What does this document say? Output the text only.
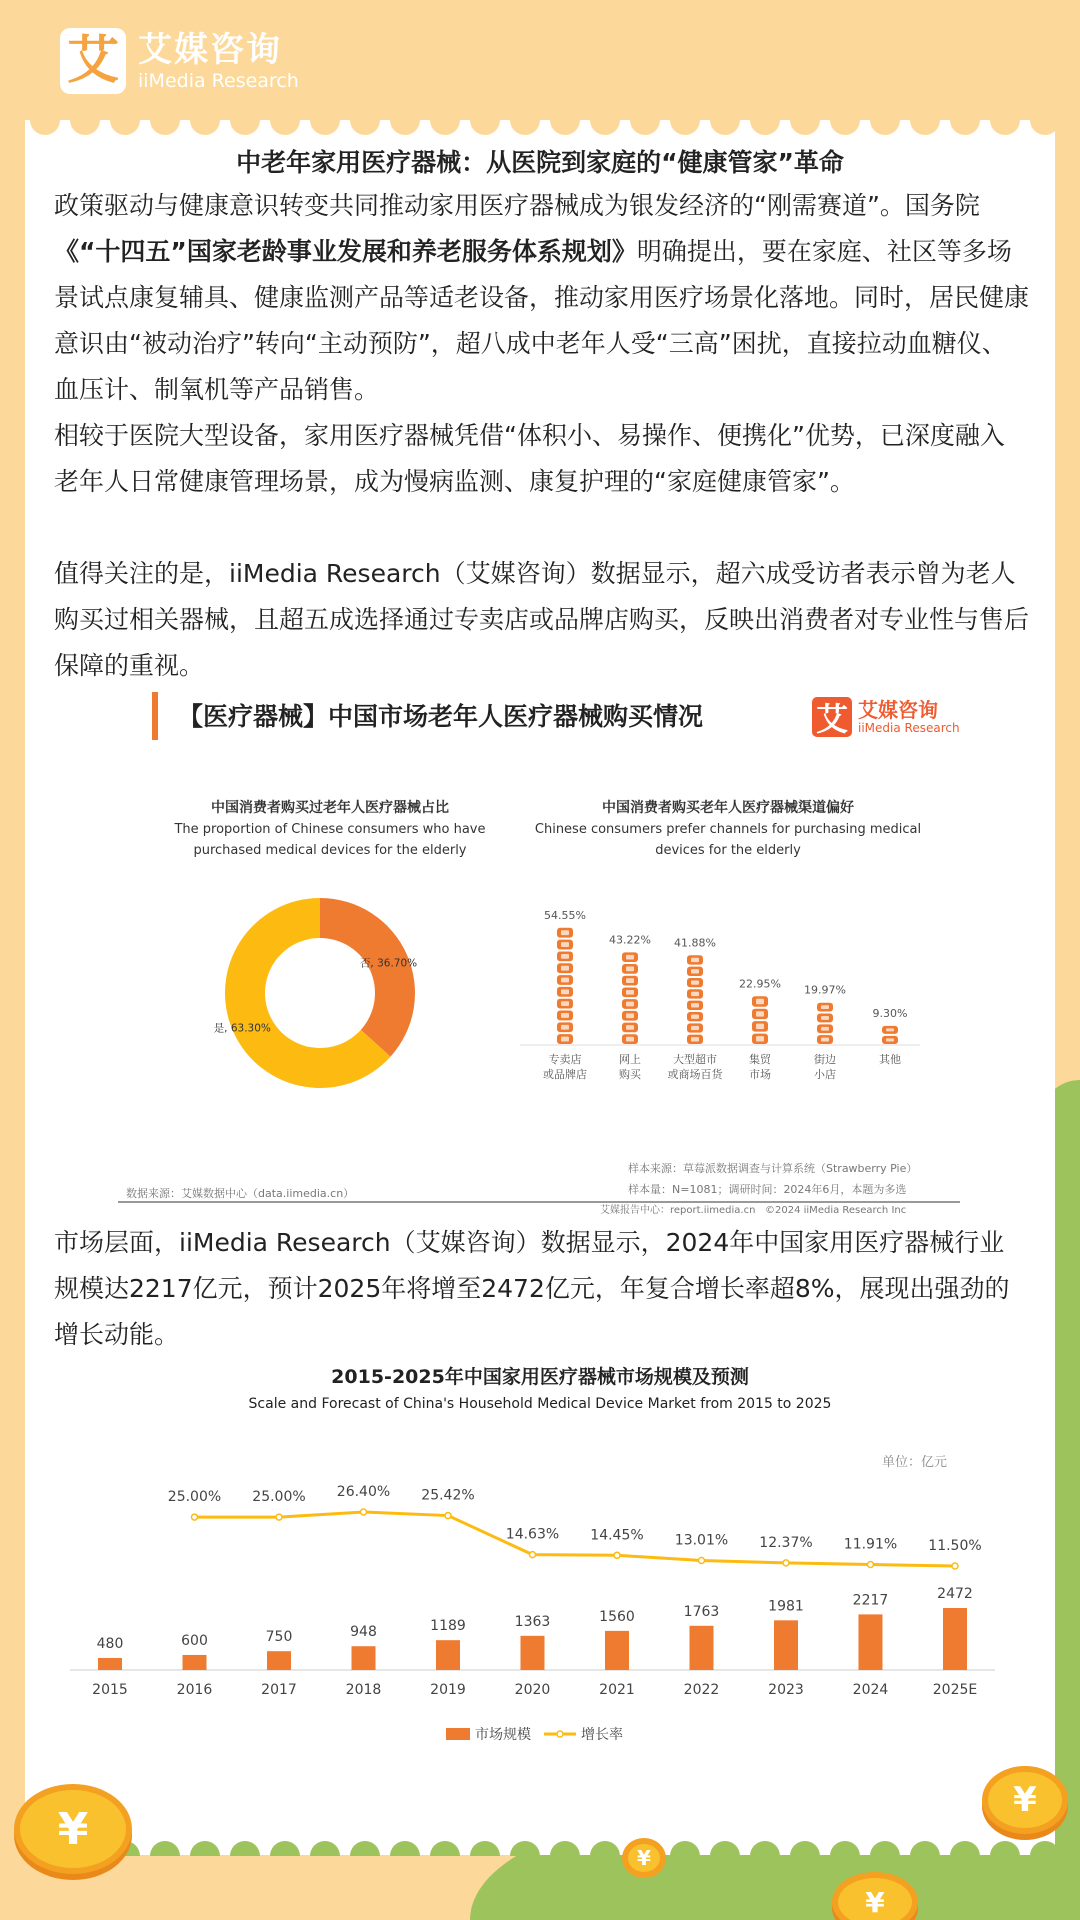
艾 艾媒咨询
iiMedia Research
¥
¥
¥
¥
中老年家用医疗器械：从医院到家庭的“健康管家”革命
政策驱动与健康意识转变共同推动家用医疗器械成为银发经济的“刚需赛道”。国务院《“十四五”国家老龄事业发展和养老服务体系规划》明确提出，要在家庭、社区等多场景试点康复辅具、健康监测产品等适老设备，推动家用医疗场景化落地。同时，居民健康意识由“被动治疗”转向“主动预防”，超八成中老年人受“三高”困扰，直接拉动血糖仪、血压计、制氧机等产品销售。
相较于医院大型设备，家用医疗器械凭借“体积小、易操作、便携化”优势，已深度融入老年人日常健康管理场景，成为慢病监测、康复护理的“家庭健康管家”。
值得关注的是，iiMedia Research（艾媒咨询）数据显示，超六成受访者表示曾为老人购买过相关器械，且超五成选择通过专卖店或品牌店购买，反映出消费者对专业性与售后保障的重视。
【医疗器械】中国市场老年人医疗器械购买情况	艾 艾媒咨询
iiMedia Research
中国消费者购买过老年人医疗器械占比
The proportion of Chinese consumers who have purchased medical devices for the elderly
否, 36.70%
是, 63.30%
中国消费者购买老年人医疗器械渠道偏好
Chinese consumers prefer channels for purchasing medical devices for the elderly
54.55%
专卖店
或品牌店
43.22%
网上
购买
41.88%
大型超市
或商场百货
22.95%
集贸
市场
19.97%
街边
小店
9.30%
其他
样本来源：草莓派数据调查与计算系统（Strawberry Pie）
样本量：N=1081；调研时间：2024年6月，本题为多选
数据来源：艾媒数据中心（data.iimedia.cn）
艾媒报告中心：report.iimedia.cn ©2024 iiMedia Research Inc
市场层面，iiMedia Research（艾媒咨询）数据显示，2024年中国家用医疗器械行业规模达2217亿元，预计2025年将增至2472亿元，年复合增长率超8%，展现出强劲的增长动能。
2015-2025年中国家用医疗器械市场规模及预测
Scale and Forecast of China's Household Medical Device Market from 2015 to 2025
单位：亿元
480
2015
600
2016
750
2017
948
2018
1189
2019
1363
2020
1560
2021
1763
2022
1981
2023
2217
2024
2472
2025E
25.00% 25.00% 26.40% 25.42%
14.63% 14.45% 13.01% 12.37% 11.91% 11.50%
市场规模	增长率
